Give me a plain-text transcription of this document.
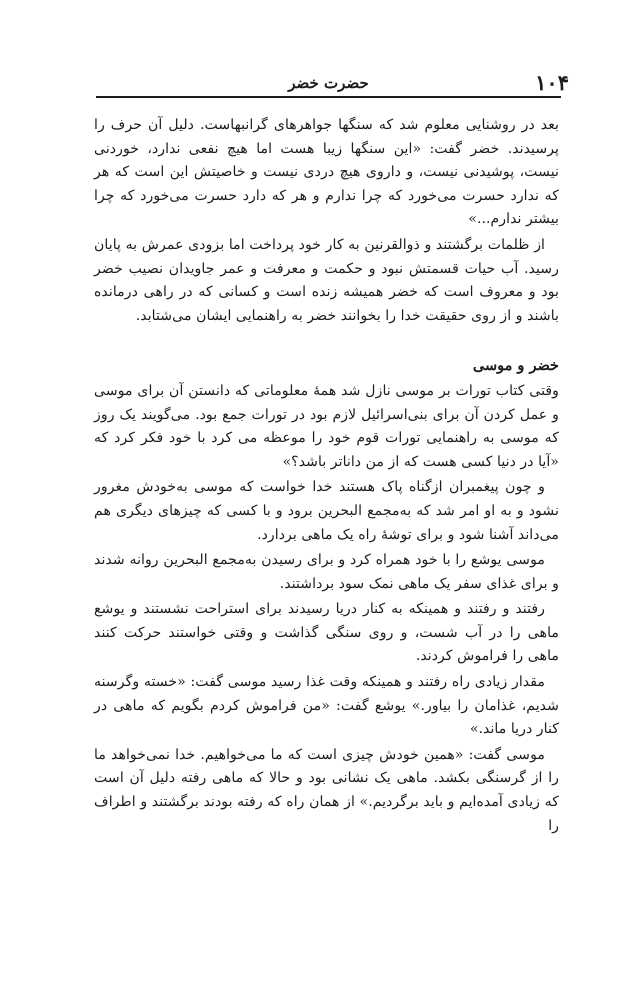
۱۰۴
حضرت خضر

بعد در روشنایی معلوم شد که سنگها جواهرهای گرانبهاست. دلیل آن حرف را پرسیدند. خضر گفت: «این سنگها زیبا هست اما هیچ نفعی ندارد، خوردنی نیست، پوشیدنی نیست، و داروی هیچ دردی نیست و خاصیتش این است که هر که ندارد حسرت می‌خورد که چرا ندارم و هر که دارد حسرت می‌خورد که چرا بیشتر ندارم...»

از ظلمات برگشتند و ذوالقرنین به کار خود پرداخت اما بزودی عمرش به پایان رسید. آب حیات قسمتش نبود و حکمت و معرفت و عمر جاویدان نصیب خضر بود و معروف است که خضر همیشه زنده است و کسانی که در راهی درمانده باشند و از روی حقیقت خدا را بخوانند خضر به راهنمایی ایشان می‌شتابد.

خضر و موسی

وقتی کتاب تورات بر موسی نازل شد همهٔ معلوماتی که دانستن آن برای موسی و عمل کردن آن برای بنی‌اسرائیل لازم بود در تورات جمع بود. می‌گویند یک روز که موسی به راهنمایی تورات قوم خود را موعظه می کرد با خود فکر کرد که «آیا در دنیا کسی هست که از من داناتر باشد؟»

و چون پیغمبران ازگناه پاک هستند خدا خواست که موسی به‌خودش مغرور نشود و به او امر شد که به‌مجمع البحرین برود و با کسی که چیزهای دیگری هم می‌داند آشنا شود و برای توشهٔ راه یک ماهی بردارد.

موسی یوشع را با خود همراه کرد و برای رسیدن به‌مجمع البحرین روانه شدند و برای غذای سفر یک ماهی نمک سود برداشتند.

رفتند و رفتند و همینکه به کنار دریا رسیدند برای استراحت نشستند و یوشع ماهی را در آب شست، و روی سنگی گذاشت و وقتی خواستند حرکت کنند ماهی را فراموش کردند.

مقدار زیادی راه رفتند و همینکه وقت غذا رسید موسی گفت: «خسته وگرسنه شدیم، غذامان را بیاور.» یوشع گفت: «من فراموش کردم بگویم که ماهی در کنار دریا ماند.»

موسی گفت: «همین خودش چیزی است که ما می‌خواهیم. خدا نمی‌خواهد ما را از گرسنگی بکشد. ماهی یک نشانی بود و حالا که ماهی رفته دلیل آن است که زیادی آمده‌ایم و باید برگردیم.» از همان راه که رفته بودند برگشتند و اطراف را
